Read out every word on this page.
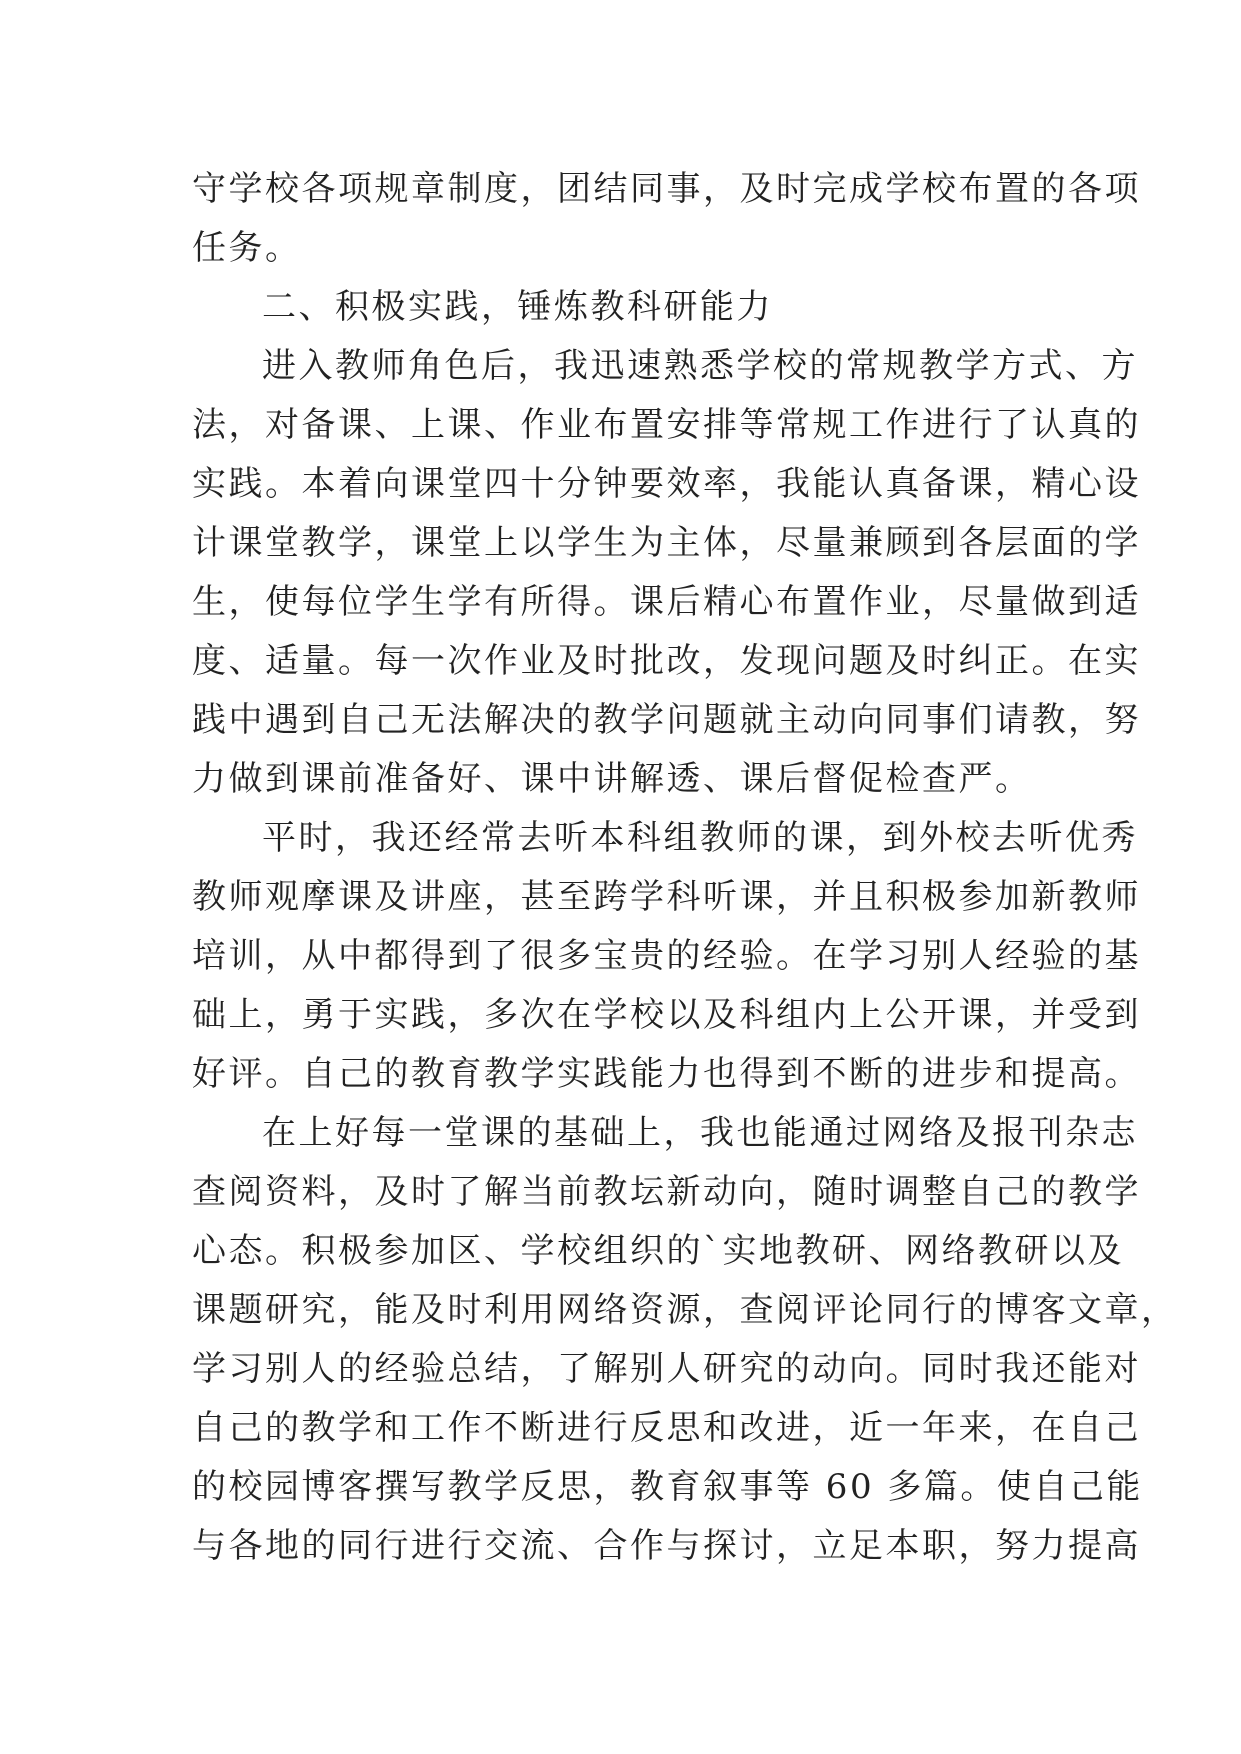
守学校各项规章制度，团结同事，及时完成学校布置的各项
任务。
二、积极实践，锤炼教科研能力
进入教师角色后，我迅速熟悉学校的常规教学方式、方
法，对备课、上课、作业布置安排等常规工作进行了认真的
实践。本着向课堂四十分钟要效率，我能认真备课，精心设
计课堂教学，课堂上以学生为主体，尽量兼顾到各层面的学
生，使每位学生学有所得。课后精心布置作业，尽量做到适
度、适量。每一次作业及时批改，发现问题及时纠正。在实
践中遇到自己无法解决的教学问题就主动向同事们请教，努
力做到课前准备好、课中讲解透、课后督促检查严。
平时，我还经常去听本科组教师的课，到外校去听优秀
教师观摩课及讲座，甚至跨学科听课，并且积极参加新教师
培训，从中都得到了很多宝贵的经验。在学习别人经验的基
础上，勇于实践，多次在学校以及科组内上公开课，并受到
好评。自己的教育教学实践能力也得到不断的进步和提高。
在上好每一堂课的基础上，我也能通过网络及报刊杂志
查阅资料，及时了解当前教坛新动向，随时调整自己的教学
心态。积极参加区、学校组织的`实地教研、网络教研以及
课题研究，能及时利用网络资源，查阅评论同行的博客文章，
学习别人的经验总结，了解别人研究的动向。同时我还能对
自己的教学和工作不断进行反思和改进，近一年来，在自己
的校园博客撰写教学反思，教育叙事等 60 多篇。使自己能
与各地的同行进行交流、合作与探讨，立足本职，努力提高
